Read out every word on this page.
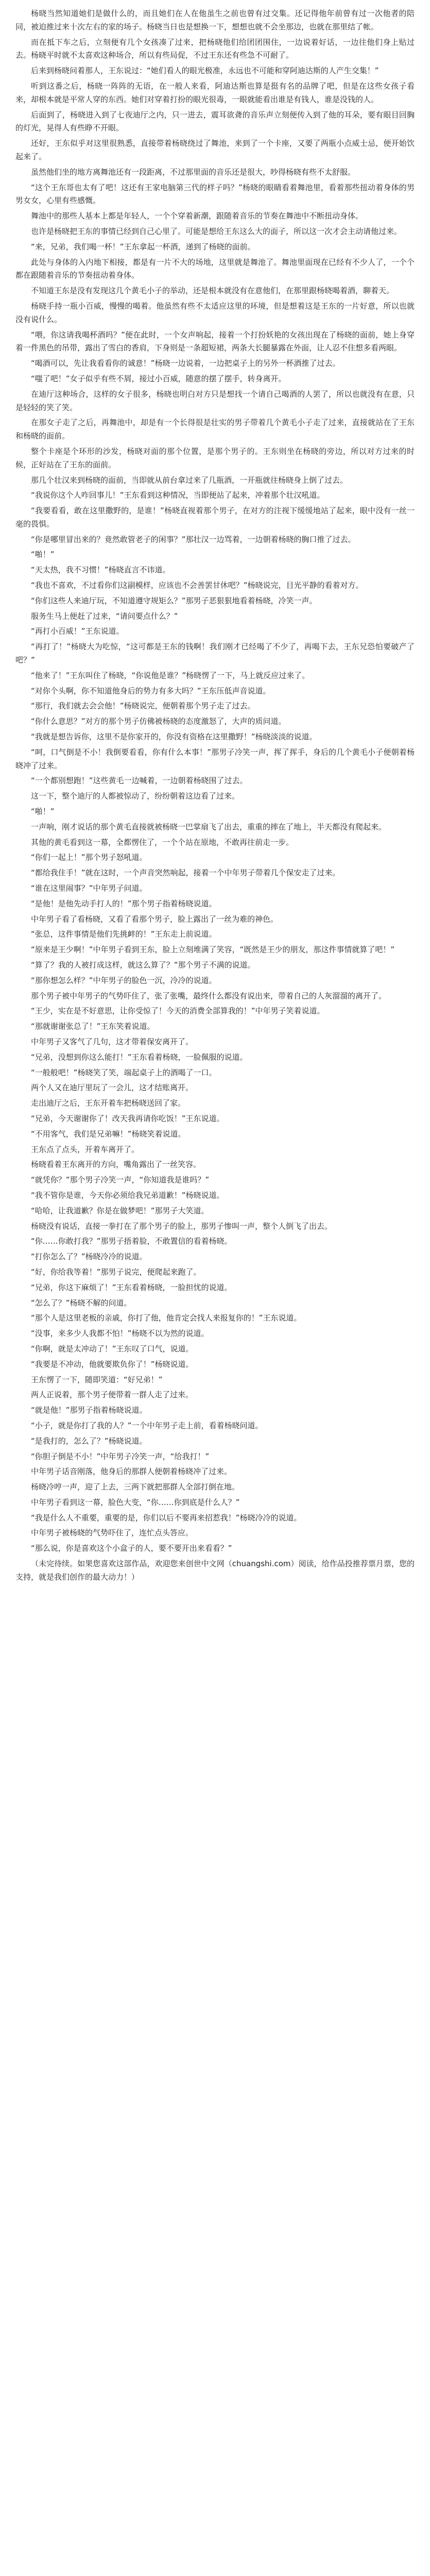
杨晓当然知道她们是做什么的，而且她们在人在他虽生之前也曾有过交集。还记得他年前曾有过一次他者的陪同，被迫推过来十次左右的家的场子。杨晓当日也是想换一下，想想也就不会坐那边，也就在那里结了帐。

而在抵下车之后，立刻便有几个女孩凑了过来，把杨晓他们给团团围住，一边说着好话，一边往他们身上贴过去。杨晓平时就不太喜欢这种场合，所以有些局促，不过王东还有些急不可耐了。

后来到杨晓问着那人，王东说过：“她们看人的眼光极准，永远也不可能和穿阿迪达斯的人产生交集！”

听到这番之后，杨晓一阵阵的无语，在一般人来看，阿迪达斯也算是挺有名的品牌了吧，但是在这些女孩子看来，却根本就是平常人穿的东西。她们对穿着打扮的眼光很毒，一眼就能看出谁是有钱人，谁是没钱的人。

后面到了，杨晓进入到了七夜迪厅之内，只一进去，震耳欲聋的音乐声立刻便传入到了他的耳朵，要有眼目回胸的灯光，晃得人有些睁不开眼。

还好，王东似乎对这里很熟悉，直接带着杨晓绕过了舞池，来到了一个卡座，又要了两瓶小点威士忌，便开始饮起来了。

虽然他们坐的地方离舞池还有一段距离，不过那里面的音乐还是很大，吵得杨晓有些不太舒服。

“这个王东哥也太有了吧！这还有王家电脑第三代的样子吗？”杨晓的眼睛看着舞池里，看着那些扭动着身体的男男女女，心里有些感慨。

舞池中的那些人基本上都是年轻人，一个个穿着新潮，跟随着音乐的节奏在舞池中不断扭动身体。

也许是杨晓把王东的事情已经到自己心里了。可能是想给王东这么大的面子，所以这一次才会主动请他过来。

“来，兄弟，我们喝一杯！”王东拿起一杯酒，递到了杨晓的面前。

此处与身体的入内地下相接，都是有一片不大的场地，这里就是舞池了。舞池里面现在已经有不少人了，一个个都在跟随着音乐的节奏扭动着身体。

不知道王东是没有发现这几个黄毛小子的举动，还是根本就没有在意他们，在那里跟杨晓喝着酒，聊着天。

杨晓手持一瓶小百威，慢慢的喝着。他虽然有些不太适应这里的环境，但是想着这是王东的一片好意，所以也就没有说什么。

“喂，你这请我喝杯酒吗？”便在此时，一个女声响起，接着一个打扮妖艳的女孩出现在了杨晓的面前，她上身穿着一件黑色的吊带，露出了雪白的香肩，下身则是一条超短裙，两条大长腿暴露在外面，让人忍不住想多看两眼。

“喝酒可以，先让我看看你的诚意！”杨晓一边说着，一边把桌子上的另外一杯酒推了过去。

“嗤了吧！”女子似乎有些不屑，接过小百威，随意的摆了摆手，转身离开。

在迪厅这种场合，这样的女子很多，杨晓也明白对方只是想找一个请自己喝酒的人罢了，所以也就没有在意，只是轻轻的笑了笑。

在那女子走了之后，再舞池中，却是有一个长得很是壮实的男子带着几个黄毛小子走了过来，直接就站在了王东和杨晓的面前。

整个卡座是个环形的沙发，杨晓对面的那个位置，是那个男子的。王东则坐在杨晓的旁边，所以对方过来的时候，正好站在了王东的面前。

那几个壮汉来到杨晓的面前，当即就从前台拿过来了几瓶酒，一开瓶就往杨晓身上倒了过去。

“我说你这个人咋回事儿！”王东看到这种情况，当即便站了起来，冲着那个壮汉吼道。

“我要看看，敢在这里撒野的，是谁！”杨晓直视着那个男子，在对方的注视下缓缓地站了起来，眼中没有一丝一毫的畏惧。

“你是哪里冒出来的？竟然敢管老子的闲事？”那壮汉一边骂着，一边朝着杨晓的胸口推了过去。

“啪！”

“天太热，我不习惯！”杨晓直言不讳道。

“我也不喜欢，不过看你们这副模样，应该也不会善罢甘休吧？”杨晓说完，目光平静的看着对方。

“你们这些人来迪厅玩，不知道遵守规矩么？”那男子恶狠狠地看着杨晓，冷笑一声。

服务生马上便赶了过来，“请问要点什么？”

“再打小百威！”王东说道。

“再打了！”杨晓大为吃惊，“这可都是王东的钱啊！我们刚才已经喝了不少了，再喝下去，王东兄恐怕要破产了吧？”

“他来了！”王东叫住了杨晓，“你说他是谁？”杨晓愣了一下，马上就反应过来了。

“对你个头啊，你不知道他身后的势力有多大吗？”王东压低声音说道。

“那行，我们就去会会他！”杨晓说完，便朝着那个男子走了过去。

“你什么意思？”对方的那个男子仿佛被杨晓的态度激怒了，大声的质问道。

“我就是想告诉你，这里不是你家开的，你没有资格在这里撒野！”杨晓淡淡的说道。

“呵，口气倒是不小！我倒要看看，你有什么本事！”那男子冷笑一声，挥了挥手，身后的几个黄毛小子便朝着杨晓冲了过来。

“一个都别想跑！”这些黄毛一边喊着，一边朝着杨晓围了过去。

这一下，整个迪厅的人都被惊动了，纷纷朝着这边看了过来。

“啪！”

一声响，刚才说话的那个黄毛直接就被杨晓一巴掌扇飞了出去，重重的摔在了地上，半天都没有爬起来。

其他的黄毛看到这一幕，全都愣住了，一个个站在原地，不敢再往前走一步。

“你们一起上！”那个男子怒吼道。

“都给我住手！”就在这时，一个声音突然响起，接着一个中年男子带着几个保安走了过来。

“谁在这里闹事？”中年男子问道。

“是他！是他先动手打人的！”那个男子指着杨晓说道。

中年男子看了看杨晓，又看了看那个男子，脸上露出了一丝为难的神色。

“张总，这件事情是他们先挑衅的！”王东走上前说道。

“原来是王少啊！”中年男子看到王东，脸上立刻堆满了笑容，“既然是王少的朋友，那这件事情就算了吧！”

“算了？我的人被打成这样，就这么算了？”那个男子不满的说道。

“那你想怎么样？”中年男子的脸色一沉，冷冷的说道。

那个男子被中年男子的气势吓住了，张了张嘴，最终什么都没有说出来，带着自己的人灰溜溜的离开了。

“王少，实在是不好意思，让你受惊了！今天的消费全部算我的！”中年男子笑着说道。

“那就谢谢张总了！”王东笑着说道。

中年男子又客气了几句，这才带着保安离开了。

“兄弟，没想到你这么能打！”王东看着杨晓，一脸佩服的说道。

“一般般吧！”杨晓笑了笑，端起桌子上的酒喝了一口。

两个人又在迪厅里玩了一会儿，这才结账离开。

走出迪厅之后，王东开着车把杨晓送回了家。

“兄弟，今天谢谢你了！改天我再请你吃饭！”王东说道。

“不用客气，我们是兄弟嘛！”杨晓笑着说道。

王东点了点头，开着车离开了。

杨晓看着王东离开的方向，嘴角露出了一丝笑容。

“就凭你？”那个男子冷笑一声，“你知道我是谁吗？”

“我不管你是谁，今天你必须给我兄弟道歉！”杨晓说道。

“哈哈，让我道歉？你是在做梦吧！”那男子大笑道。

杨晓没有说话，直接一拳打在了那个男子的脸上，那男子惨叫一声，整个人倒飞了出去。

“你……你敢打我？”那男子捂着脸，不敢置信的看着杨晓。

“打你怎么了？”杨晓冷冷的说道。

“好，你给我等着！”那男子说完，便爬起来跑了。

“兄弟，你这下麻烦了！”王东看着杨晓，一脸担忧的说道。

“怎么了？”杨晓不解的问道。

“那个人是这里老板的亲戚，你打了他，他肯定会找人来报复你的！”王东说道。

“没事，来多少人我都不怕！”杨晓不以为然的说道。

“你啊，就是太冲动了！”王东叹了口气，说道。

“我要是不冲动，他就要欺负你了！”杨晓说道。

王东愣了一下，随即笑道：“好兄弟！”

两人正说着，那个男子便带着一群人走了过来。

“就是他！”那男子指着杨晓说道。

“小子，就是你打了我的人？”一个中年男子走上前，看着杨晓问道。

“是我打的，怎么了？”杨晓说道。

“你胆子倒是不小！”中年男子冷笑一声，“给我打！”

中年男子话音刚落，他身后的那群人便朝着杨晓冲了过来。

杨晓冷哼一声，迎了上去，三两下就把那群人全部打倒在地。

中年男子看到这一幕，脸色大变，“你……你到底是什么人？”

“我是什么人不重要，重要的是，你们以后不要再来招惹我！”杨晓冷冷的说道。

中年男子被杨晓的气势吓住了，连忙点头答应。

“那么说，你是喜欢这个小盒子的人，要不要开出来看看？”

（未完待续。如果您喜欢这部作品，欢迎您来创世中文网（chuangshi.com）阅读，给作品投推荐票月票，您的支持，就是我们创作的最大动力！）
